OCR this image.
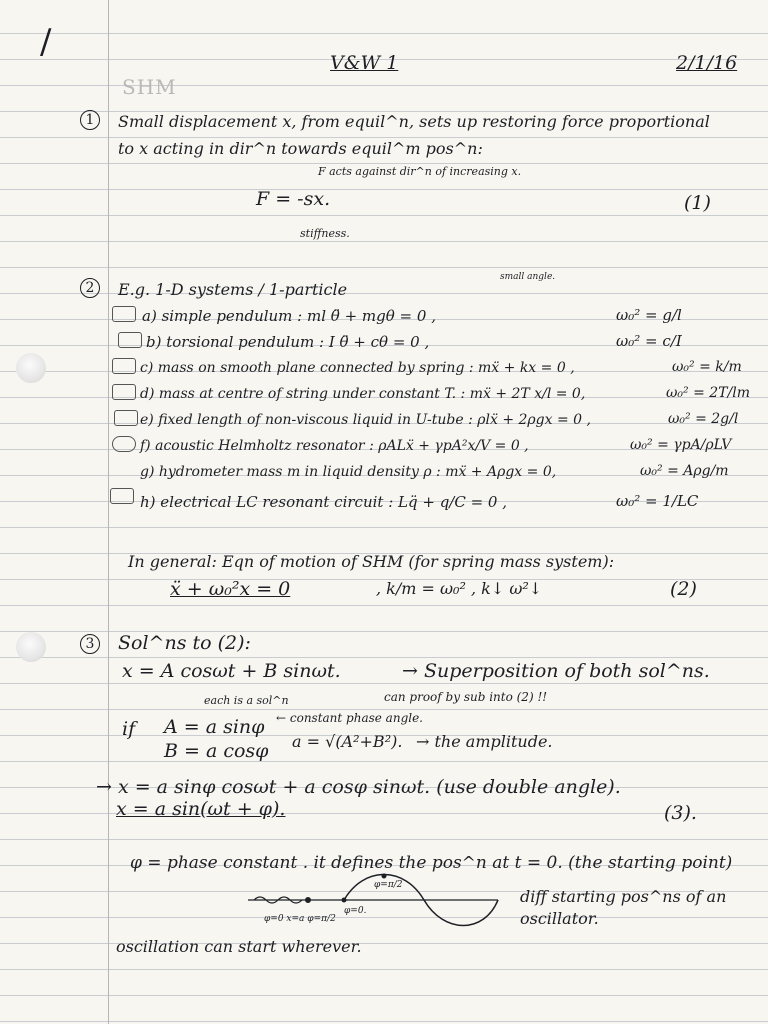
/
V&W 1	2/1/16
SHM
1	Small displacement x, from equil^n, sets up restoring force proportional
to x acting in dir^n towards equil^m pos^n:
F acts against dir^n of increasing x.
F = -sx.
stiffness.
(1)
2	E.g. 1-D systems / 1-particle
small angle.
a) simple pendulum : ml θ̈ + mgθ = 0 ,	ω₀² = g/l
b) torsional pendulum : I θ̈ + cθ = 0 ,	ω₀² = c/I
c) mass on smooth plane connected by spring : mẍ + kx = 0 ,	ω₀² = k/m
d) mass at centre of string under constant T. : mẍ + 2T x/l = 0,	ω₀² = 2T/lm
e) fixed length of non-viscous liquid in U-tube : ρlẍ + 2ρgx = 0 ,	ω₀² = 2g/l
f) acoustic Helmholtz resonator : ρALẍ + γpA²x/V = 0 ,	ω₀² = γpA/ρLV
g) hydrometer mass m in liquid density ρ : mẍ + Aρgx = 0,	ω₀² = Aρg/m
h) electrical LC resonant circuit : Lq̈ + q/C = 0 ,	ω₀² = 1/LC
In general: Eqn of motion of SHM (for spring mass system):
ẍ + ω₀²x = 0	, k/m = ω₀² , k↓ ω²↓	(2)
3 Sol^ns to (2):
x = A cosωt + B sinωt.	→ Superposition of both sol^ns.
each is a sol^n	can proof by sub into (2) !!
if A = a sinφ
B = a cosφ
← constant phase angle.
a = √(A²+B²). → the amplitude.
→ x = a sinφ cosωt + a cosφ sinωt. (use double angle).
x = a sin(ωt + φ).	(3).
φ = phase constant . it defines the pos^n at t = 0. (the starting point)
φ=π/2
φ=0.
φ=0 x=a φ=π/2
diff starting pos^ns of an
oscillator.
oscillation can start wherever.
